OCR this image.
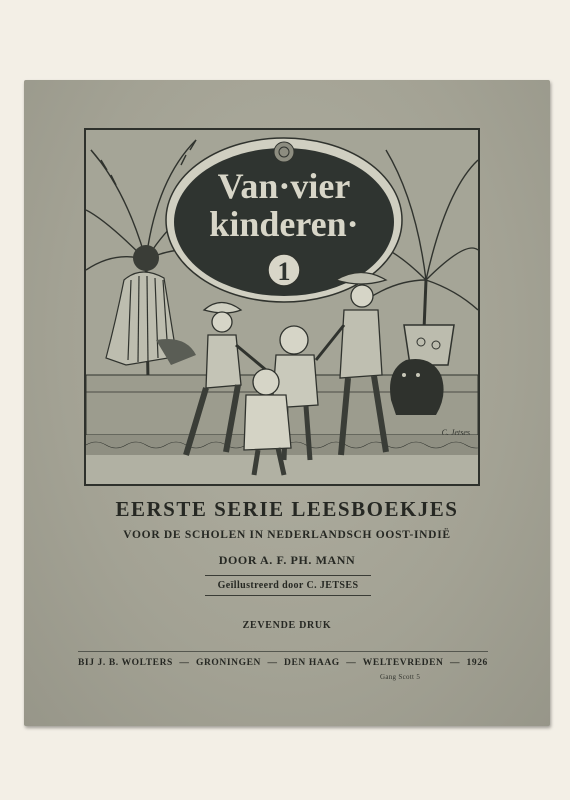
Van·vier
kinderen·
1
C. Jetses
EERSTE SERIE LEESBOEKJES
VOOR DE SCHOLEN IN NEDERLANDSCH OOST-INDIË
DOOR A. F. PH. MANN
Geïllustreerd door C. JETSES
ZEVENDE DRUK
BIJ J. B. WOLTERS — GRONINGEN — DEN HAAG — WELTEVREDEN — 1926
Gang Scott 5
